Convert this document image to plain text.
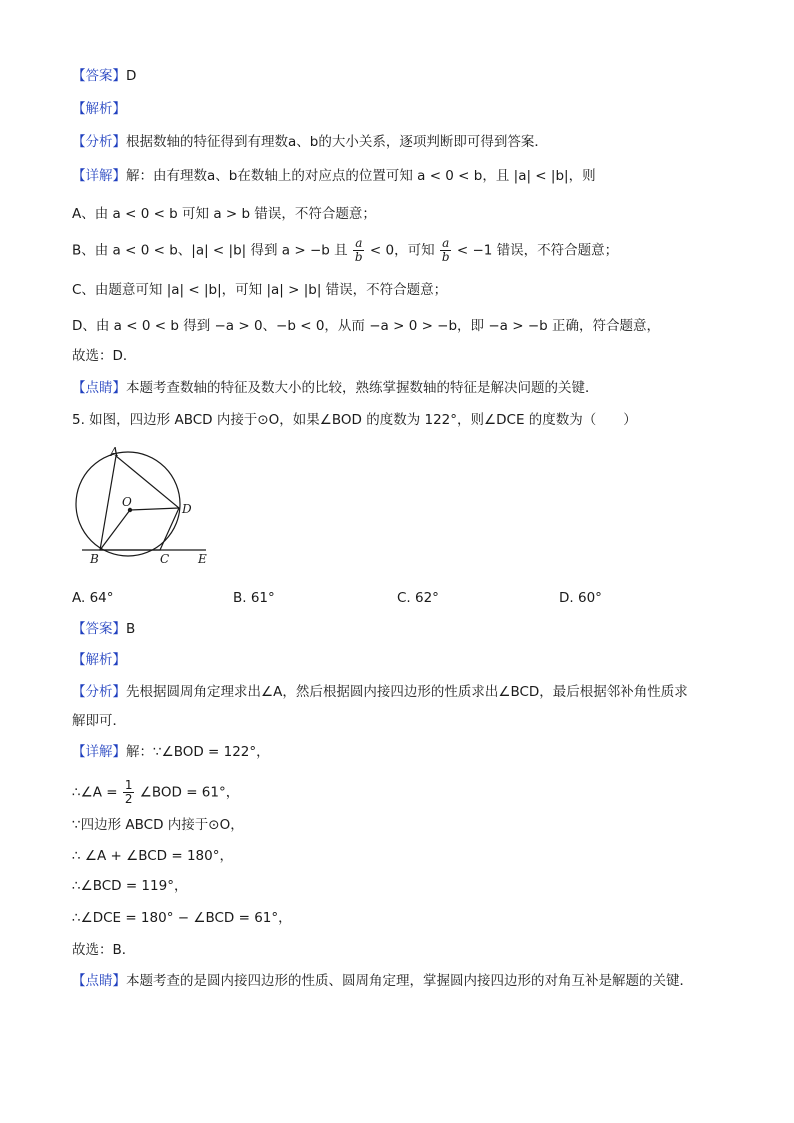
【答案】D
【解析】
【分析】根据数轴的特征得到有理数a、b的大小关系，逐项判断即可得到答案．
【详解】解：由有理数a、b在数轴上的对应点的位置可知 a < 0 < b，且 |a| < |b|，则
A、由 a < 0 < b 可知 a > b 错误，不符合题意；
B、由 a < 0 < b、|a| < |b| 得到 a > −b 且 $\frac{a}{b} < 0$，可知 $\frac{a}{b} < -1$ 错误，不符合题意；
C、由题意可知 |a| < |b|，可知 |a| > |b| 错误，不符合题意；
D、由 a < 0 < b 得到 −a > 0、−b < 0，从而 −a > 0 > −b，即 −a > −b 正确，符合题意，
故选：D．
【点睛】本题考查数轴的特征及数大小的比较，熟练掌握数轴的特征是解决问题的关键．
5. 如图，四边形 ABCD 内接于⊙O，如果∠BOD 的度数为 122°，则∠DCE 的度数为（　　）
A
O	D
B	C E
A. 64°	B. 61°	C. 62°	D. 60°
【答案】B
【解析】
【分析】先根据圆周角定理求出∠A，然后根据圆内接四边形的性质求出∠BCD，最后根据邻补角性质求
解即可．
【详解】解：∵∠BOD = 122°，
∴∠A = $\frac{1}{2}$ ∠BOD = 61°，
∵四边形 ABCD 内接于⊙O，
∴ ∠A + ∠BCD = 180°，
∴∠BCD = 119°，
∴∠DCE = 180° − ∠BCD = 61°，
故选：B．
【点睛】本题考查的是圆内接四边形的性质、圆周角定理，掌握圆内接四边形的对角互补是解题的关键．
